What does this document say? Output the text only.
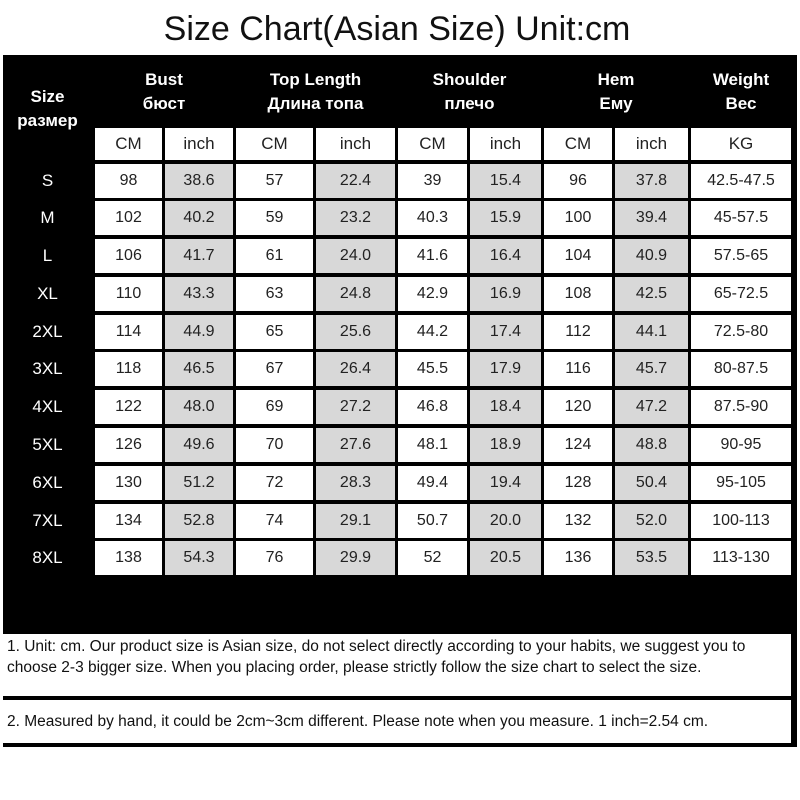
Size Chart(Asian Size) Unit:cm
Size
размер
Bust
бюст
Top Length
Длина топа
Shoulder
плечо
Hem
Ему
Weight
Вес
CM	inch	CM	inch	CM	inch	CM	inch	KG
S	98	38.6	57	22.4	39	15.4	96	37.8	42.5-47.5
M	102	40.2	59	23.2	40.3	15.9	100	39.4	45-57.5
L	106	41.7	61	24.0	41.6	16.4	104	40.9	57.5-65
XL	110	43.3	63	24.8	42.9	16.9	108	42.5	65-72.5
2XL	114	44.9	65	25.6	44.2	17.4	112	44.1	72.5-80
3XL	118	46.5	67	26.4	45.5	17.9	116	45.7	80-87.5
4XL	122	48.0	69	27.2	46.8	18.4	120	47.2	87.5-90
5XL	126	49.6	70	27.6	48.1	18.9	124	48.8	90-95
6XL	130	51.2	72	28.3	49.4	19.4	128	50.4	95-105
7XL	134	52.8	74	29.1	50.7	20.0	132	52.0	100-113
8XL	138	54.3	76	29.9	52	20.5	136	53.5	113-130
1. Unit: cm. Our product size is Asian size, do not select directly according to your habits, we suggest you to choose 2-3 bigger size. When you placing order, please strictly follow the size chart to select the size.
2. Measured by hand, it could be 2cm~3cm different. Please note when you measure. 1 inch=2.54 cm.
